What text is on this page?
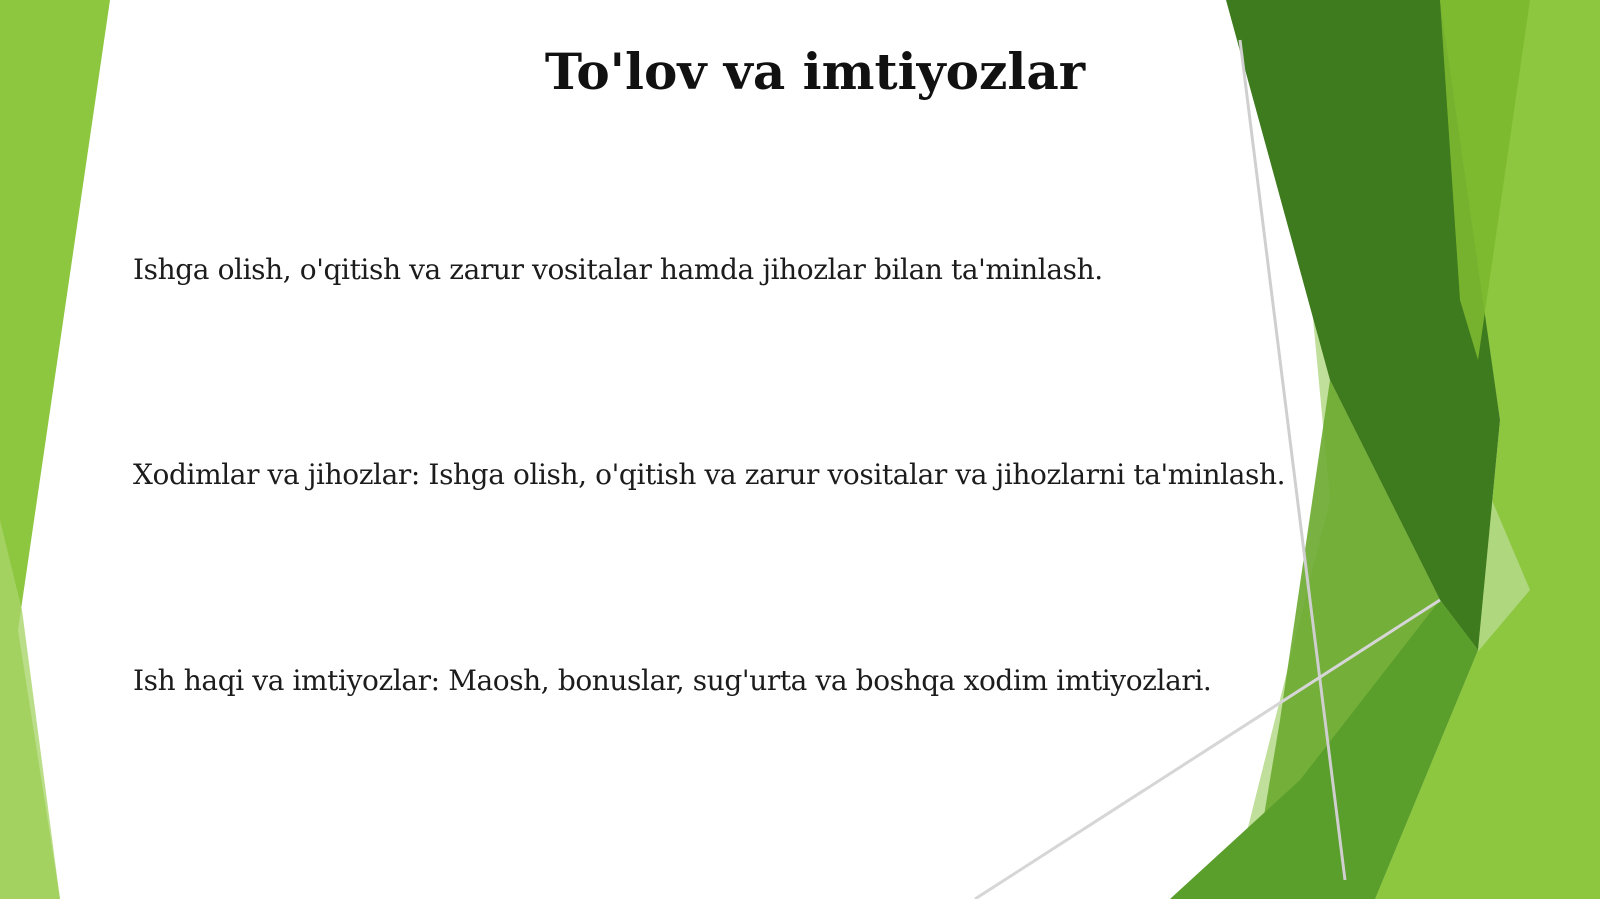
To'lov va imtiyozlar

Ishga olish, o'qitish va zarur vositalar hamda jihozlar bilan ta'minlash.

Xodimlar va jihozlar: Ishga olish, o'qitish va zarur vositalar va jihozlarni ta'minlash.

Ish haqi va imtiyozlar: Maosh, bonuslar, sug'urta va boshqa xodim imtiyozlari.
